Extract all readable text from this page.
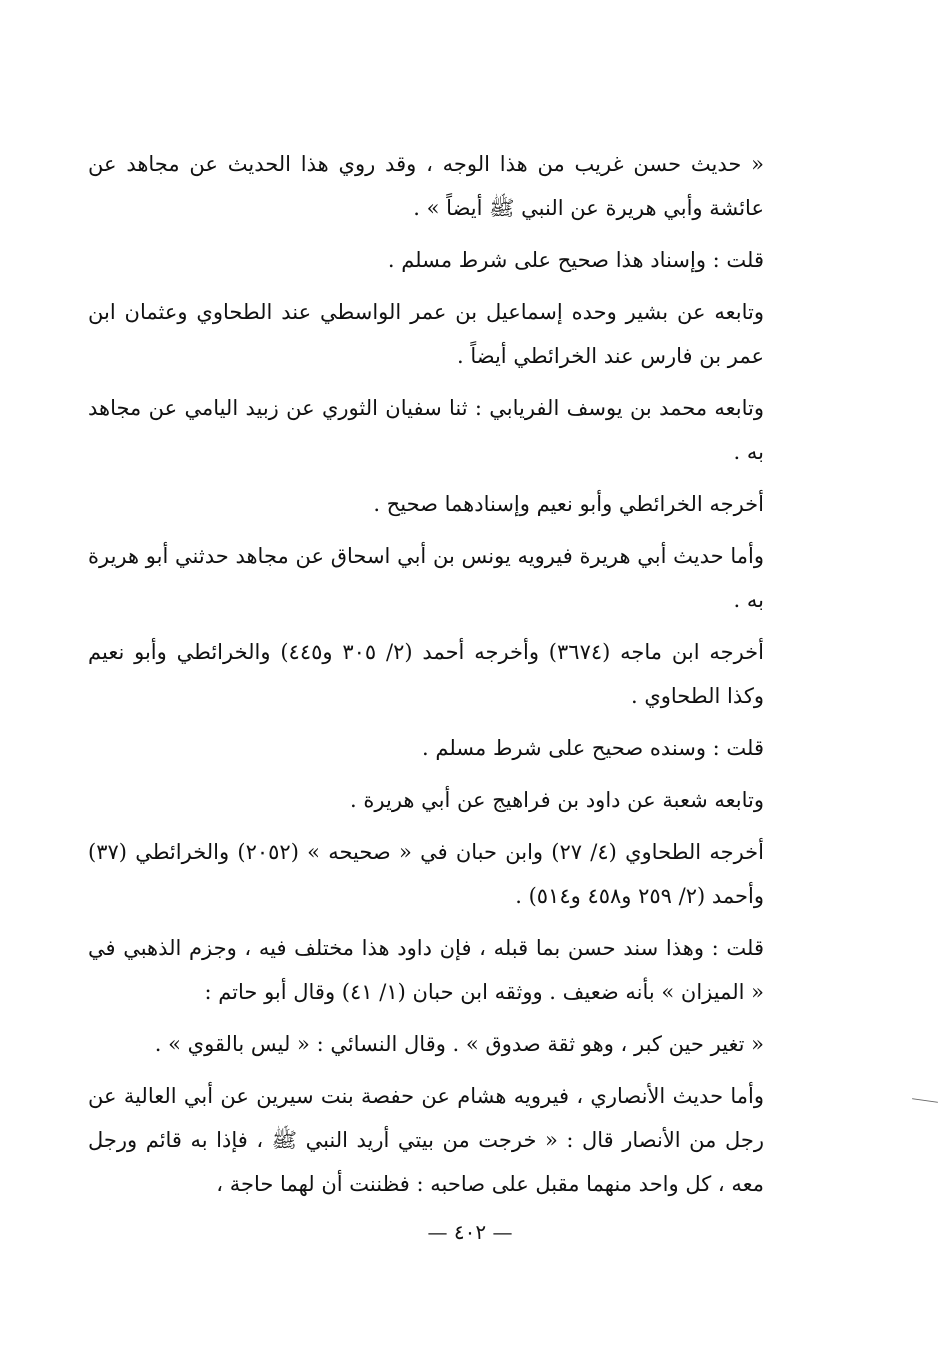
« حديث حسن غريب من هذا الوجه ، وقد روي هذا الحديث عن مجاهد عن عائشة وأبي هريرة عن النبي ﷺ أيضاً » .

قلت : وإسناد هذا صحيح على شرط مسلم .

وتابعه عن بشير وحده إسماعيل بن عمر الواسطي عند الطحاوي وعثمان ابن عمر بن فارس عند الخرائطي أيضاً .

وتابعه محمد بن يوسف الفريابي : ثنا سفيان الثوري عن زبيد اليامي عن مجاهد به .

أخرجه الخرائطي وأبو نعيم وإسنادهما صحيح .

وأما حديث أبي هريرة فيرويه يونس بن أبي اسحاق عن مجاهد حدثني أبو هريرة به .

أخرجه ابن ماجه (٣٦٧٤) وأخرجه أحمد (٢/ ٣٠٥ و٤٤٥) والخرائطي وأبو نعيم وكذا الطحاوي .

قلت : وسنده صحيح على شرط مسلم .

وتابعه شعبة عن داود بن فراهيج عن أبي هريرة .

أخرجه الطحاوي (٤/ ٢٧) وابن حبان في « صحيحه » (٢٠٥٢) والخرائطي (٣٧) وأحمد (٢/ ٢٥٩ و٤٥٨ و٥١٤) .

قلت : وهذا سند حسن بما قبله ، فإن داود هذا مختلف فيه ، وجزم الذهبي في « الميزان » بأنه ضعيف . ووثقه ابن حبان (١/ ٤١) وقال أبو حاتم :

« تغير حين كبر ، وهو ثقة صدوق » . وقال النسائي : « ليس بالقوي » .

وأما حديث الأنصاري ، فيرويه هشام عن حفصة بنت سيرين عن أبي العالية عن رجل من الأنصار قال : « خرجت من بيتي أريد النبي ﷺ ، فإذا به قائم ورجل معه ، كل واحد منهما مقبل على صاحبه : فظننت أن لهما حاجة ،

— ٤٠٢ —
